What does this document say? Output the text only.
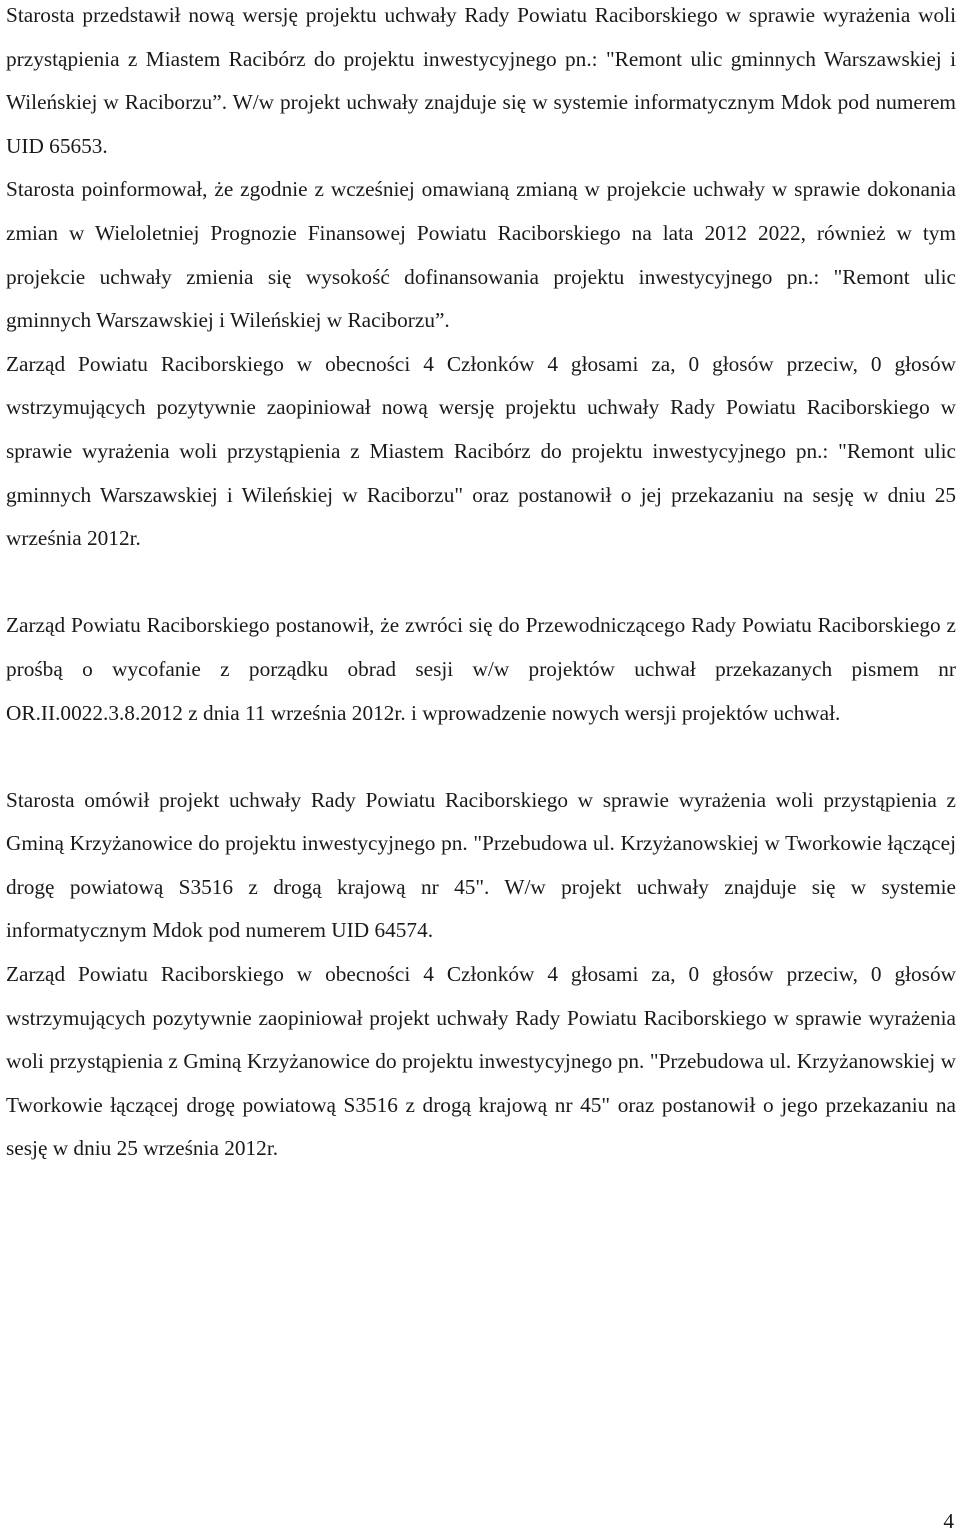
Starosta przedstawił nową wersję projektu uchwały Rady Powiatu Raciborskiego w sprawie wyrażenia woli przystąpienia z Miastem Racibórz do projektu inwestycyjnego pn.: "Remont ulic gminnych Warszawskiej i Wileńskiej w Raciborzu”. W/w projekt uchwały znajduje się w systemie informatycznym Mdok pod numerem UID 65653.

Starosta poinformował, że zgodnie z wcześniej omawianą zmianą w projekcie uchwały w sprawie dokonania zmian w Wieloletniej Prognozie Finansowej Powiatu Raciborskiego na lata 2012 2022, również w tym projekcie uchwały zmienia się wysokość dofinansowania projektu inwestycyjnego pn.: "Remont ulic gminnych Warszawskiej i Wileńskiej w Raciborzu”.

Zarząd Powiatu Raciborskiego w obecności 4 Członków 4 głosami za, 0 głosów przeciw, 0 głosów wstrzymujących pozytywnie zaopiniował nową wersję projektu uchwały Rady Powiatu Raciborskiego w sprawie wyrażenia woli przystąpienia z Miastem Racibórz do projektu inwestycyjnego pn.: "Remont ulic gminnych Warszawskiej i Wileńskiej w Raciborzu" oraz postanowił o jej przekazaniu na sesję w dniu 25 września 2012r.

Zarząd Powiatu Raciborskiego postanowił, że zwróci się do Przewodniczącego Rady Powiatu Raciborskiego z prośbą o wycofanie z porządku obrad sesji w/w projektów uchwał przekazanych pismem nr OR.II.0022.3.8.2012 z dnia 11 września 2012r. i wprowadzenie nowych wersji projektów uchwał.

Starosta omówił projekt uchwały Rady Powiatu Raciborskiego w sprawie wyrażenia woli przystąpienia z Gminą Krzyżanowice do projektu inwestycyjnego pn. "Przebudowa ul. Krzyżanowskiej w Tworkowie łączącej drogę powiatową S3516 z drogą krajową nr 45". W/w projekt uchwały znajduje się w systemie informatycznym Mdok pod numerem UID 64574.

Zarząd Powiatu Raciborskiego w obecności 4 Członków 4 głosami za, 0 głosów przeciw, 0 głosów wstrzymujących pozytywnie zaopiniował projekt uchwały Rady Powiatu Raciborskiego w sprawie wyrażenia woli przystąpienia z Gminą Krzyżanowice do projektu inwestycyjnego pn. "Przebudowa ul. Krzyżanowskiej w Tworkowie łączącej drogę powiatową S3516 z drogą krajową nr 45" oraz postanowił o jego przekazaniu na sesję w dniu 25 września 2012r.

4
